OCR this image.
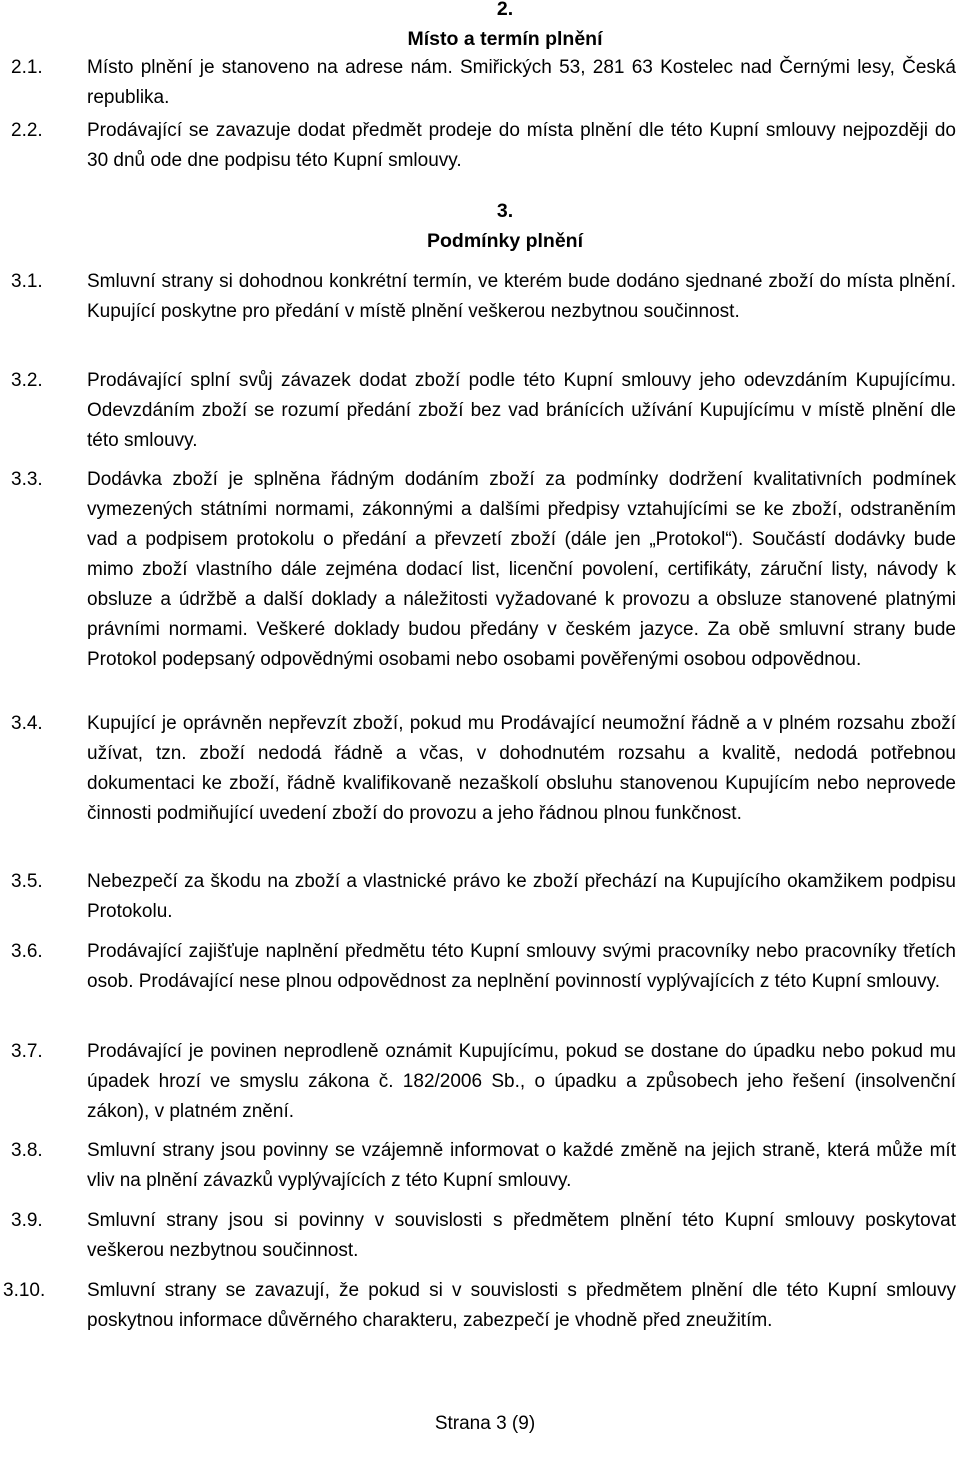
2.
Místo a termín plnění
2.1. Místo plnění je stanoveno na adrese nám. Smiřických 53, 281 63 Kostelec nad Černými lesy, Česká republika.

2.2. Prodávající se zavazuje dodat předmět prodeje do místa plnění dle této Kupní smlouvy nejpozději do 30 dnů ode dne podpisu této Kupní smlouvy.

3.
Podmínky plnění
3.1. Smluvní strany si dohodnou konkrétní termín, ve kterém bude dodáno sjednané zboží do místa plnění. Kupující poskytne pro předání v místě plnění veškerou nezbytnou součinnost.

3.2. Prodávající splní svůj závazek dodat zboží podle této Kupní smlouvy jeho odevzdáním Kupujícímu. Odevzdáním zboží se rozumí předání zboží bez vad bránících užívání Kupujícímu v místě plnění dle této smlouvy.

3.3. Dodávka zboží je splněna řádným dodáním zboží za podmínky dodržení kvalitativních podmínek vymezených státními normami, zákonnými a dalšími předpisy vztahujícími se ke zboží, odstraněním vad a podpisem protokolu o předání a převzetí zboží (dále jen „Protokol“). Součástí dodávky bude mimo zboží vlastního dále zejména dodací list, licenční povolení, certifikáty, záruční listy, návody k obsluze a údržbě a další doklady a náležitosti vyžadované k provozu a obsluze stanovené platnými právními normami. Veškeré doklady budou předány v českém jazyce. Za obě smluvní strany bude Protokol podepsaný odpovědnými osobami nebo osobami pověřenými osobou odpovědnou.

3.4. Kupující je oprávněn nepřevzít zboží, pokud mu Prodávající neumožní řádně a v plném rozsahu zboží užívat, tzn. zboží nedodá řádně a včas, v dohodnutém rozsahu a kvalitě, nedodá potřebnou dokumentaci ke zboží, řádně kvalifikovaně nezaškolí obsluhu stanovenou Kupujícím nebo neprovede činnosti podmiňující uvedení zboží do provozu a jeho řádnou plnou funkčnost.

3.5. Nebezpečí za škodu na zboží a vlastnické právo ke zboží přechází na Kupujícího okamžikem podpisu Protokolu.

3.6. Prodávající zajišťuje naplnění předmětu této Kupní smlouvy svými pracovníky nebo pracovníky třetích osob. Prodávající nese plnou odpovědnost za neplnění povinností vyplývajících z této Kupní smlouvy.

3.7. Prodávající je povinen neprodleně oznámit Kupujícímu, pokud se dostane do úpadku nebo pokud mu úpadek hrozí ve smyslu zákona č. 182/2006 Sb., o úpadku a způsobech jeho řešení (insolvenční zákon), v platném znění.

3.8. Smluvní strany jsou povinny se vzájemně informovat o každé změně na jejich straně, která může mít vliv na plnění závazků vyplývajících z této Kupní smlouvy.

3.9. Smluvní strany jsou si povinny v souvislosti s předmětem plnění této Kupní smlouvy poskytovat veškerou nezbytnou součinnost.

3.10. Smluvní strany se zavazují, že pokud si v souvislosti s předmětem plnění dle této Kupní smlouvy poskytnou informace důvěrného charakteru, zabezpečí je vhodně před zneužitím.

Strana 3 (9)
